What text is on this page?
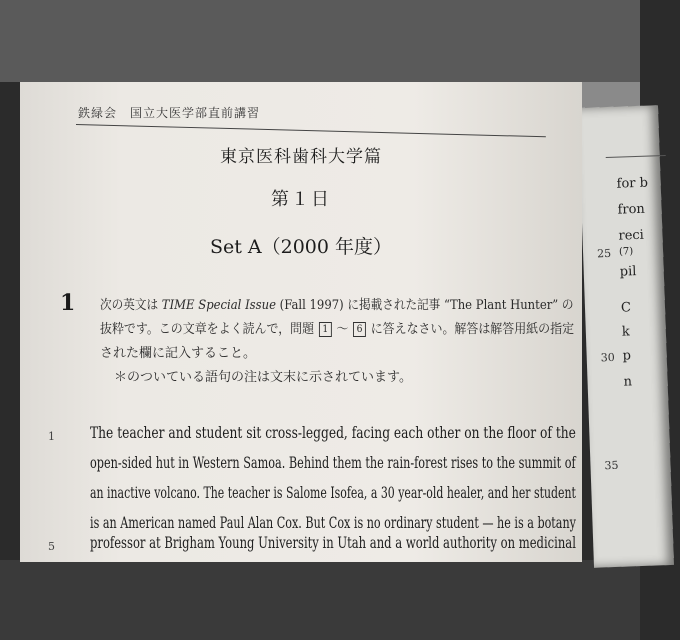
for b
fron
reci
25 (7)
pil
C
k
30 p
n
35
鉄緑会　国立大医学部直前講習
東京医科歯科大学篇
第１日
Set A（2000 年度）
1 次の英文は TIME Special Issue (Fall 1997) に掲載された記事 “The Plant Hunter” の
抜粋です。この文章をよく読んで，問題 1 ～ 6 に答えなさい。解答は解答用紙の指定
された欄に記入すること。
＊のついている語句の注は文末に示されています。
1 The teacher and student sit cross-legged, facing each other on the floor of the
open-sided hut in Western Samoa. Behind them the rain-forest rises to the summit of
an inactive volcano. The teacher is Salome Isofea, a 30 year-old healer, and her student
is an American named Paul Alan Cox. But Cox is no ordinary student — he is a botany
5 professor at Brigham Young University in Utah and a world authority on medicinal
